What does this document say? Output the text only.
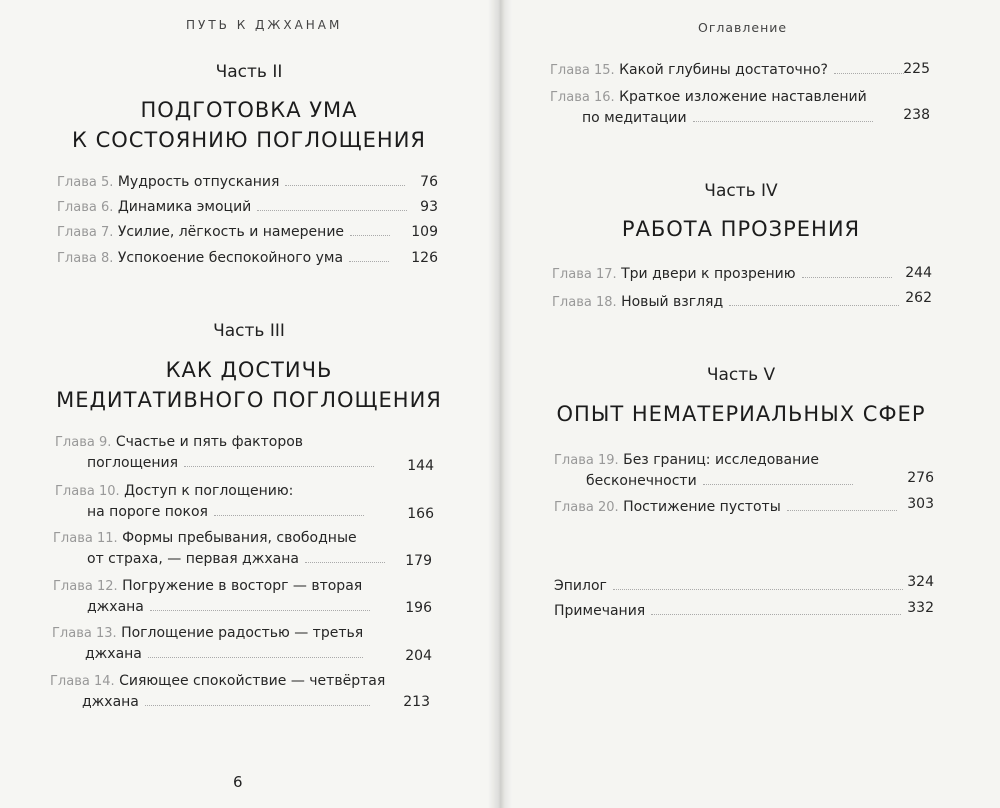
ПУТЬ К ДЖХАНАМ
Часть II
ПОДГОТОВКА УМА
К СОСТОЯНИЮ ПОГЛОЩЕНИЯ
Глава 5. Мудрость отпускания	76
Глава 6. Динамика эмоций	93
Глава 7. Усилие, лёгкость и намерение	109
Глава 8. Успокоение беспокойного ума	126
Часть III
КАК ДОСТИЧЬ
МЕДИТАТИВНОГО ПОГЛОЩЕНИЯ
Глава 9. Счастье и пять факторов
поглощения	144
Глава 10. Доступ к поглощению:
на пороге покоя	166
Глава 11. Формы пребывания, свободные
от страха, — первая джхана	179
Глава 12. Погружение в восторг — вторая
джхана	196
Глава 13. Поглощение радостью — третья
джхана	204
Глава 14. Сияющее спокойствие — четвёртая
джхана	213
6
Оглавление
Глава 15. Какой глубины достаточно?	225
Глава 16. Краткое изложение наставлений
по медитации	238
Часть IV
РАБОТА ПРОЗРЕНИЯ
Глава 17. Три двери к прозрению	244
Глава 18. Новый взгляд	262
Часть V
ОПЫТ НЕМАТЕРИАЛЬНЫХ СФЕР
Глава 19. Без границ: исследование
бесконечности	276
Глава 20. Постижение пустоты	303
Эпилог	324
Примечания	332
